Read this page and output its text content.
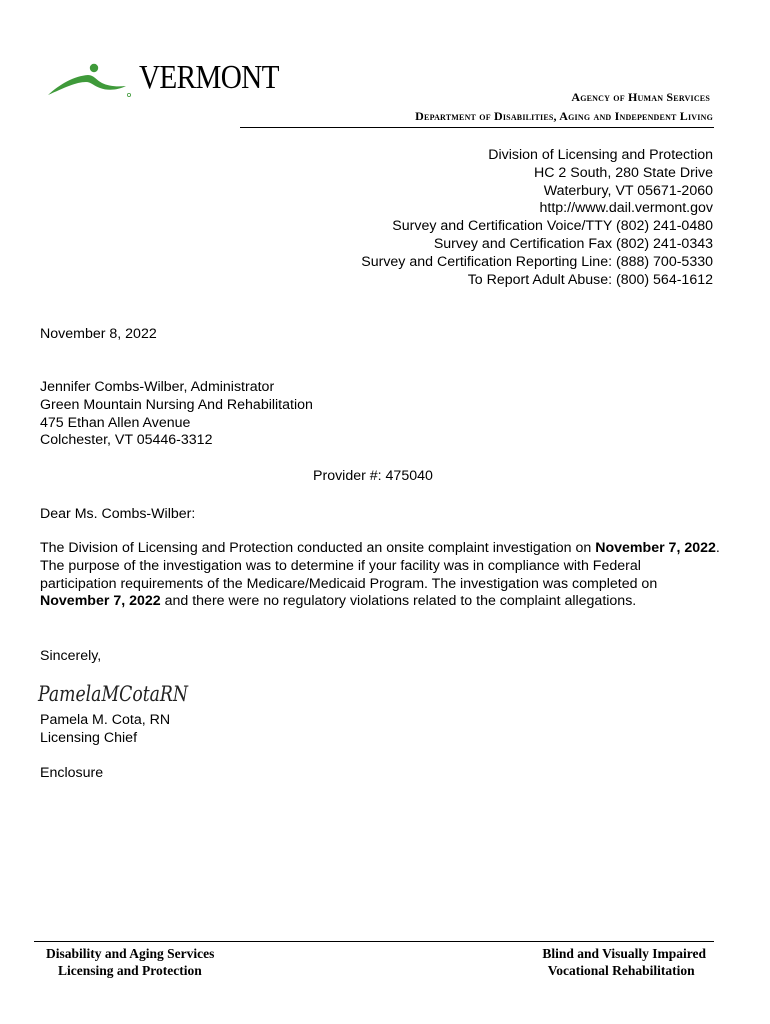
VERMONT
Agency of Human Services
Department of Disabilities, Aging and Independent Living
Division of Licensing and Protection
HC 2 South, 280 State Drive
Waterbury, VT 05671-2060
http://www.dail.vermont.gov
Survey and Certification Voice/TTY (802) 241-0480
Survey and Certification Fax (802) 241-0343
Survey and Certification Reporting Line: (888) 700-5330
To Report Adult Abuse: (800) 564-1612
November 8, 2022
Jennifer Combs-Wilber, Administrator
Green Mountain Nursing And Rehabilitation
475 Ethan Allen Avenue
Colchester, VT 05446-3312
Provider #: 475040
Dear Ms. Combs-Wilber:
The Division of Licensing and Protection conducted an onsite complaint investigation on November 7, 2022. The purpose of the investigation was to determine if your facility was in compliance with Federal participation requirements of the Medicare/Medicaid Program. The investigation was completed on November 7, 2022 and there were no regulatory violations related to the complaint allegations.
Sincerely,
PamelaMCotaRN
Pamela M. Cota, RN
Licensing Chief
Enclosure
Disability and Aging Services
Licensing and Protection
Blind and Visually Impaired
Vocational Rehabilitation
